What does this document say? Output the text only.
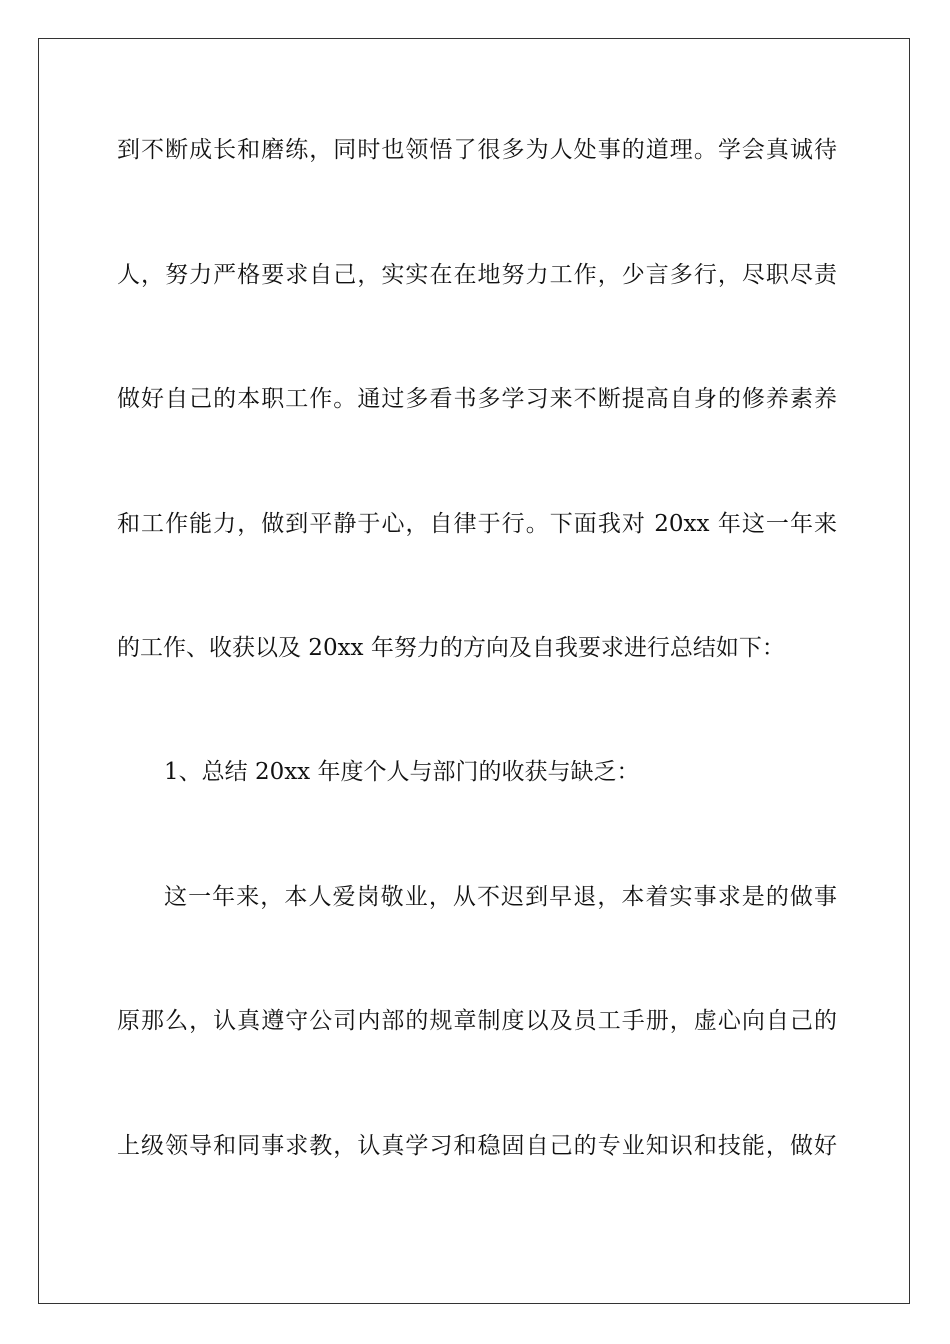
到不断成长和磨练，同时也领悟了很多为人处事的道理。学会真诚待
人，努力严格要求自己，实实在在地努力工作，少言多行，尽职尽责
做好自己的本职工作。通过多看书多学习来不断提高自身的修养素养
和工作能力，做到平静于心，自律于行。下面我对 20xx 年这一年来
的工作、收获以及 20xx 年努力的方向及自我要求进行总结如下：
1、总结 20xx 年度个人与部门的收获与缺乏：
这一年来，本人爱岗敬业，从不迟到早退，本着实事求是的做事
原那么，认真遵守公司内部的规章制度以及员工手册，虚心向自己的
上级领导和同事求教，认真学习和稳固自己的专业知识和技能，做好
